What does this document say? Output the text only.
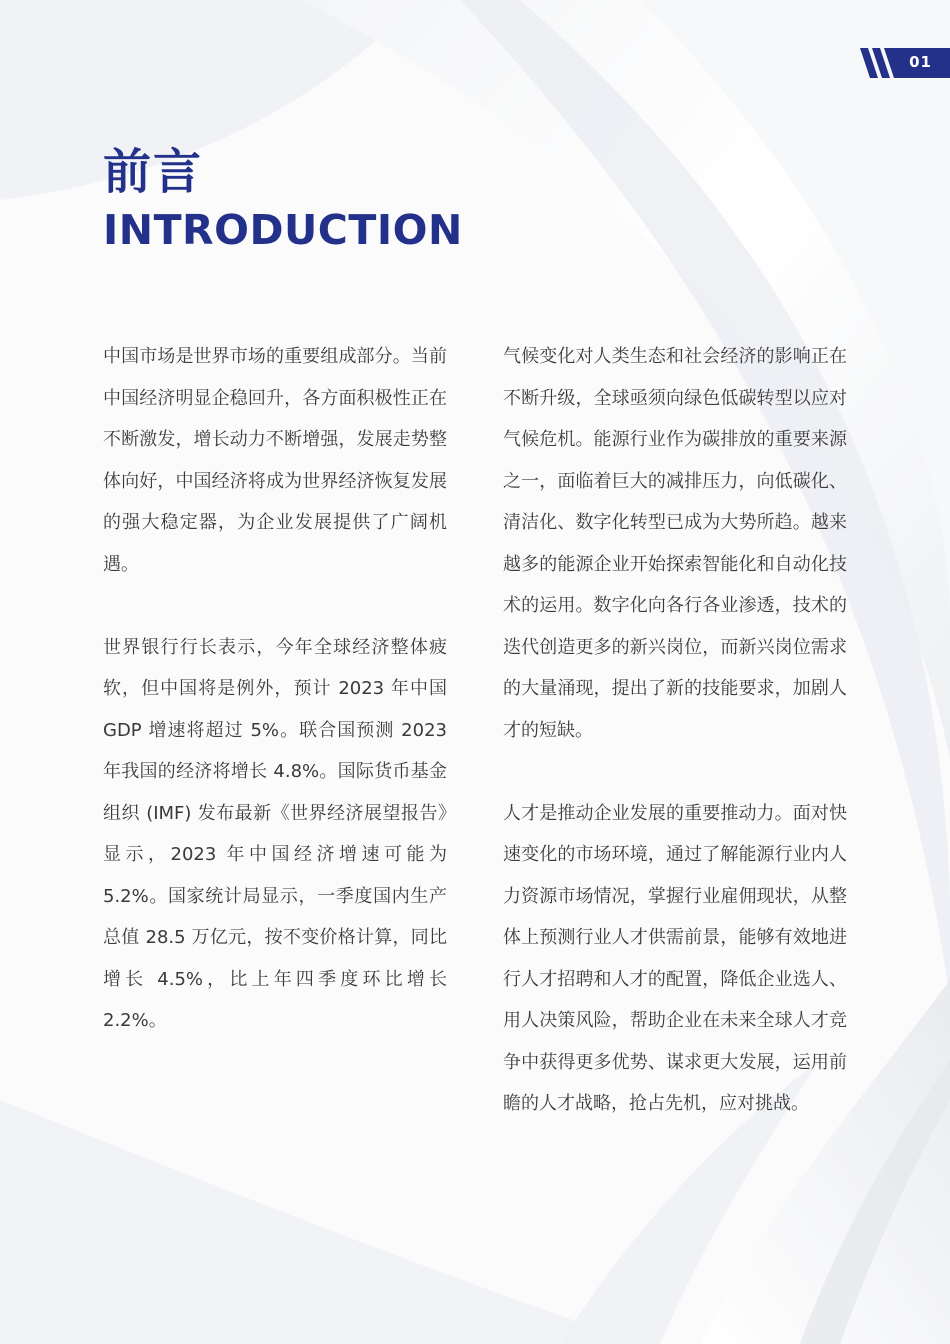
01
前言
INTRODUCTION

中国市场是世界市场的重要组成部分。当前中国经济明显企稳回升，各方面积极性正在不断激发，增长动力不断增强，发展走势整体向好，中国经济将成为世界经济恢复发展的强大稳定器，为企业发展提供了广阔机遇。

世界银行行长表示，今年全球经济整体疲软，但中国将是例外，预计 2023 年中国 GDP 增速将超过 5%。联合国预测 2023 年我国的经济将增长 4.8%。国际货币基金组织 (IMF) 发布最新《世界经济展望报告》显示，2023 年中国经济增速可能为 5.2%。国家统计局显示，一季度国内生产总值 28.5 万亿元，按不变价格计算，同比增长 4.5%，比上年四季度环比增长 2.2%。

气候变化对人类生态和社会经济的影响正在不断升级，全球亟须向绿色低碳转型以应对气候危机。能源行业作为碳排放的重要来源之一，面临着巨大的减排压力，向低碳化、清洁化、数字化转型已成为大势所趋。越来越多的能源企业开始探索智能化和自动化技术的运用。数字化向各行各业渗透，技术的迭代创造更多的新兴岗位，而新兴岗位需求的大量涌现，提出了新的技能要求，加剧人才的短缺。

人才是推动企业发展的重要推动力。面对快速变化的市场环境，通过了解能源行业内人力资源市场情况，掌握行业雇佣现状，从整体上预测行业人才供需前景，能够有效地进行人才招聘和人才的配置，降低企业选人、用人决策风险，帮助企业在未来全球人才竞争中获得更多优势、谋求更大发展，运用前瞻的人才战略，抢占先机，应对挑战。
